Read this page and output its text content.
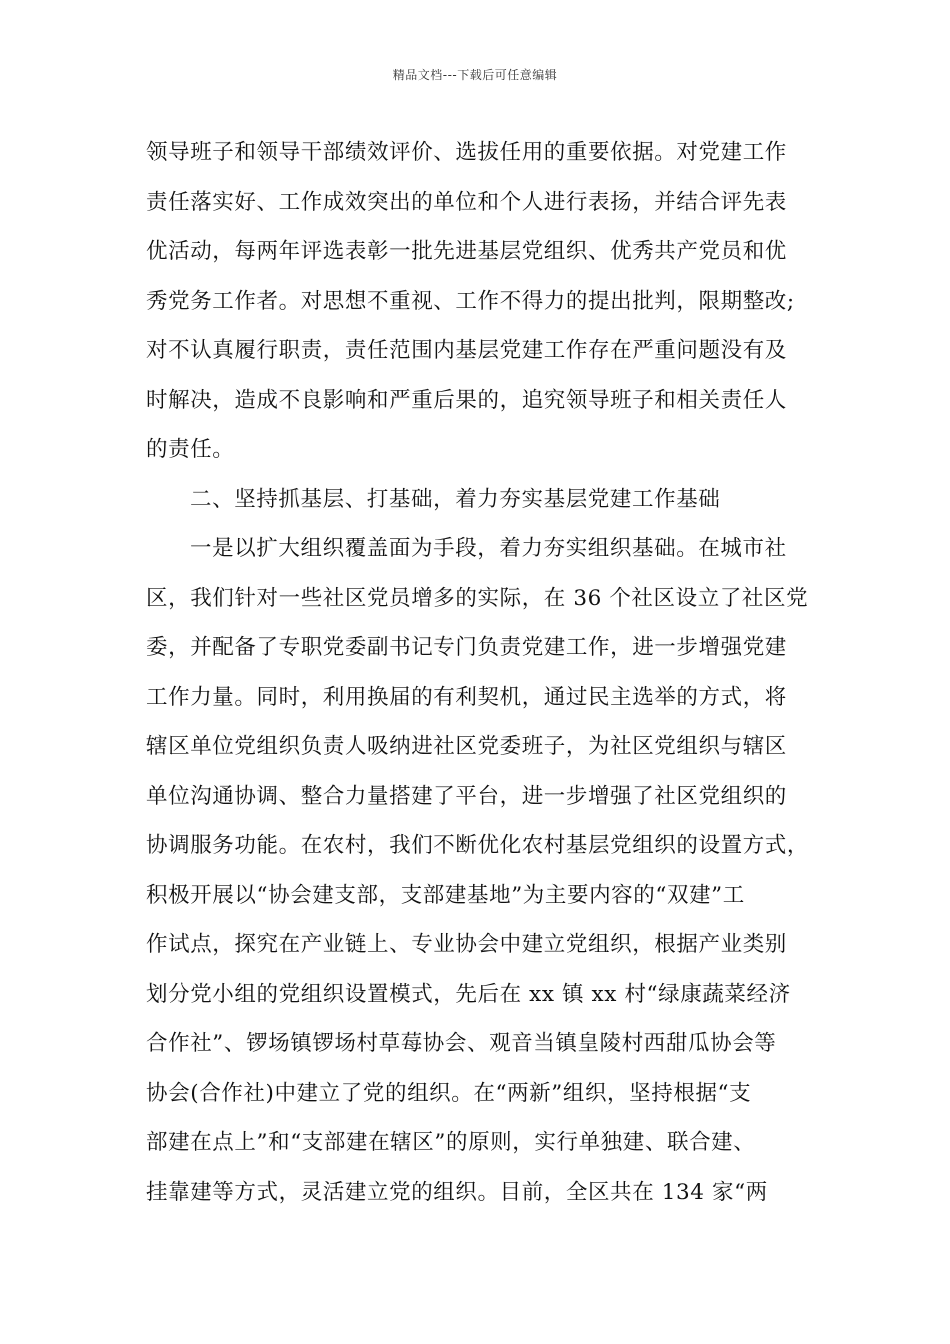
精品文档---下载后可任意编辑
领导班子和领导干部绩效评价、选拔任用的重要依据。对党建工作
责任落实好、工作成效突出的单位和个人进行表扬，并结合评先表
优活动，每两年评选表彰一批先进基层党组织、优秀共产党员和优
秀党务工作者。对思想不重视、工作不得力的提出批判，限期整改;
对不认真履行职责，责任范围内基层党建工作存在严重问题没有及
时解决，造成不良影响和严重后果的，追究领导班子和相关责任人
的责任。
二、坚持抓基层、打基础，着力夯实基层党建工作基础
一是以扩大组织覆盖面为手段，着力夯实组织基础。在城市社
区，我们针对一些社区党员增多的实际，在 36 个社区设立了社区党
委，并配备了专职党委副书记专门负责党建工作，进一步增强党建
工作力量。同时，利用换届的有利契机，通过民主选举的方式，将
辖区单位党组织负责人吸纳进社区党委班子，为社区党组织与辖区
单位沟通协调、整合力量搭建了平台，进一步增强了社区党组织的
协调服务功能。在农村，我们不断优化农村基层党组织的设置方式，
积极开展以“协会建支部，支部建基地”为主要内容的“双建”工
作试点，探究在产业链上、专业协会中建立党组织，根据产业类别
划分党小组的党组织设置模式，先后在 xx 镇 xx 村“绿康蔬菜经济
合作社”、锣场镇锣场村草莓协会、观音当镇皇陵村西甜瓜协会等
协会(合作社)中建立了党的组织。在“两新”组织，坚持根据“支
部建在点上”和“支部建在辖区”的原则，实行单独建、联合建、
挂靠建等方式，灵活建立党的组织。目前，全区共在 134 家“两
